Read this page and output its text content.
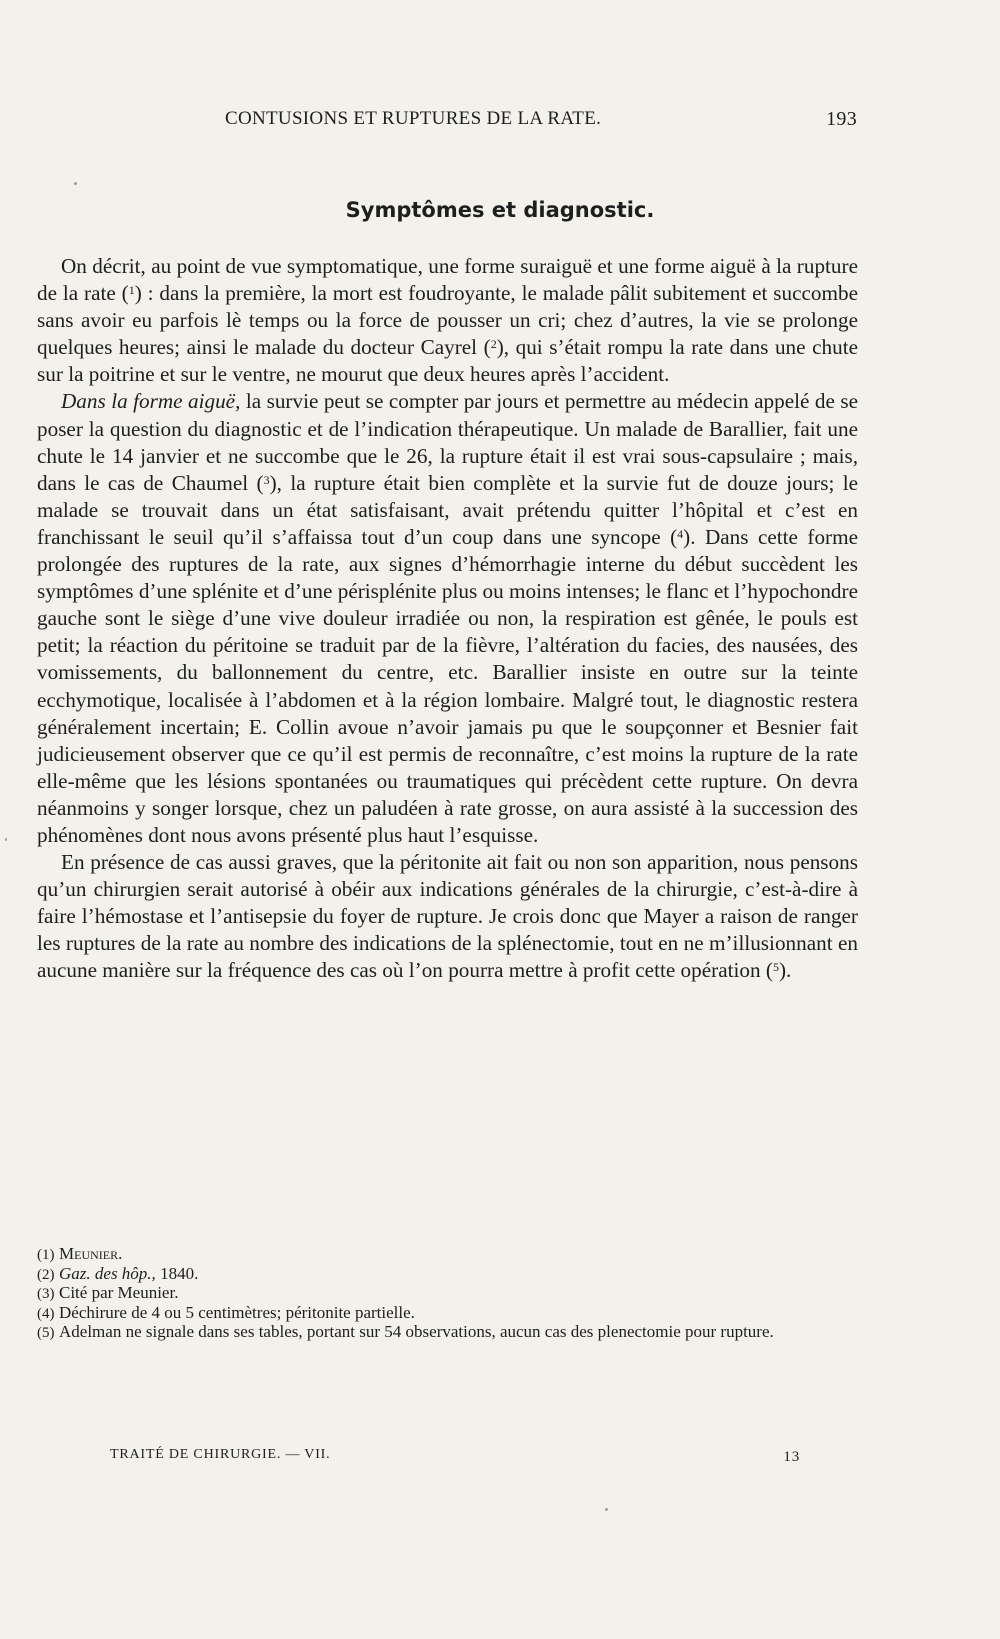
CONTUSIONS ET RUPTURES DE LA RATE.	193
Symptômes et diagnostic.

On décrit, au point de vue symptomatique, une forme suraiguë et une forme aiguë à la rupture de la rate ($^1$) : dans la première, la mort est foudroyante, le malade pâlit subitement et succombe sans avoir eu parfois lè temps ou la force de pousser un cri; chez d’autres, la vie se prolonge quelques heures; ainsi le malade du docteur Cayrel ($^2$), qui s’était rompu la rate dans une chute sur la poitrine et sur le ventre, ne mourut que deux heures après l’accident.

Dans la forme aiguë, la survie peut se compter par jours et permettre au médecin appelé de se poser la question du diagnostic et de l’indication thérapeutique. Un malade de Barallier, fait une chute le 14 janvier et ne succombe que le 26, la rupture était il est vrai sous-capsulaire ; mais, dans le cas de Chaumel ($^3$), la rupture était bien complète et la survie fut de douze jours; le malade se trouvait dans un état satisfaisant, avait prétendu quitter l’hôpital et c’est en franchissant le seuil qu’il s’affaissa tout d’un coup dans une syncope ($^4$). Dans cette forme prolongée des ruptures de la rate, aux signes d’hémorrhagie interne du début succèdent les symptômes d’une splénite et d’une périsplénite plus ou moins intenses; le flanc et l’hypochondre gauche sont le siège d’une vive douleur irradiée ou non, la respiration est gênée, le pouls est petit; la réaction du péritoine se traduit par de la fièvre, l’altération du facies, des nausées, des vomissements, du ballonnement du centre, etc. Barallier insiste en outre sur la teinte ecchymotique, localisée à l’abdomen et à la région lombaire. Malgré tout, le diagnostic restera généralement incertain; E. Collin avoue n’avoir jamais pu que le soupçonner et Besnier fait judicieusement observer que ce qu’il est permis de reconnaître, c’est moins la rupture de la rate elle-même que les lésions spontanées ou traumatiques qui précèdent cette rupture. On devra néanmoins y songer lorsque, chez un paludéen à rate grosse, on aura assisté à la succession des phénomènes dont nous avons présenté plus haut l’esquisse.

En présence de cas aussi graves, que la péritonite ait fait ou non son apparition, nous pensons qu’un chirurgien serait autorisé à obéir aux indications générales de la chirurgie, c’est-à-dire à faire l’hémostase et l’antisepsie du foyer de rupture. Je crois donc que Mayer a raison de ranger les ruptures de la rate au nombre des indications de la splénectomie, tout en ne m’illusionnant en aucune manière sur la fréquence des cas où l’on pourra mettre à profit cette opération ($^5$).

(1) Meunier.

(2) Gaz. des hôp., 1840.

(3) Cité par Meunier.

(4) Déchirure de 4 ou 5 centimètres; péritonite partielle.

(5) Adelman ne signale dans ses tables, portant sur 54 observations, aucun cas des plenectomie pour rupture.

TRAITÉ DE CHIRURGIE. — VII.	13
